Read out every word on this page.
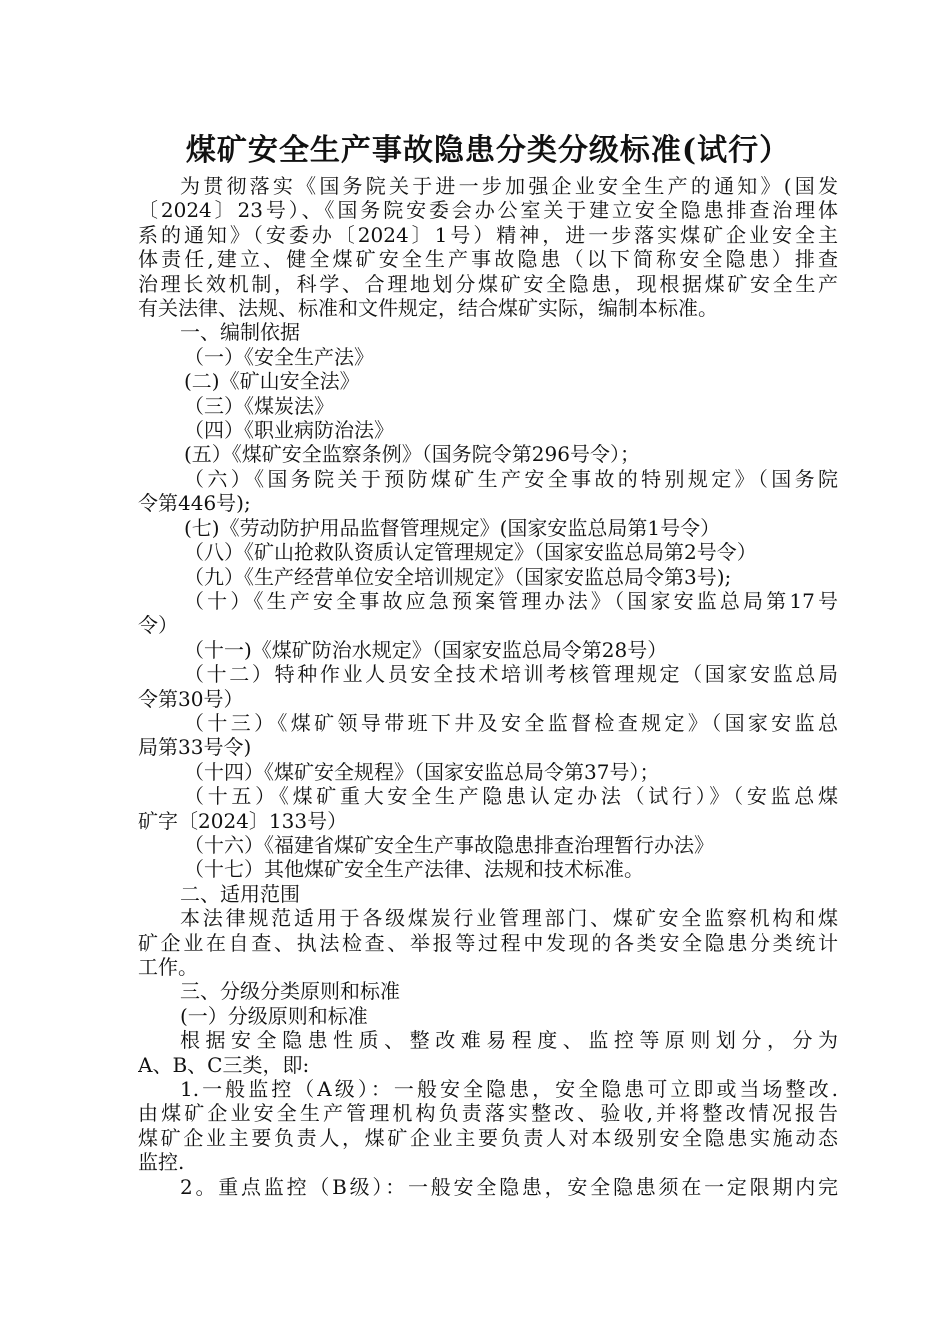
煤矿安全生产事故隐患分类分级标准(试行）
为贯彻落实《国务院关于进一步加强企业安全生产的通知》(国发
〔2024〕23号）、《国务院安委会办公室关于建立安全隐患排查治理体
系的通知》（安委办〔2024〕1号）精神，进一步落实煤矿企业安全主
体责任,建立、健全煤矿安全生产事故隐患（以下简称安全隐患）排查
治理长效机制，科学、合理地划分煤矿安全隐患，现根据煤矿安全生产
有关法律、法规、标准和文件规定，结合煤矿实际，编制本标准。
一、编制依据
（一）《安全生产法》
(二)《矿山安全法》
（三）《煤炭法》
（四）《职业病防治法》
(五）《煤矿安全监察条例》（国务院令第296号令）；
（六）《国务院关于预防煤矿生产安全事故的特别规定》（国务院
令第446号);
(七)《劳动防护用品监督管理规定》(国家安监总局第1号令）
（八）《矿山抢救队资质认定管理规定》（国家安监总局第2号令）
（九）《生产经营单位安全培训规定》（国家安监总局令第3号);
（十）《生产安全事故应急预案管理办法》（国家安监总局第17号
令）
（十一)《煤矿防治水规定》（国家安监总局令第28号）
（十二）特种作业人员安全技术培训考核管理规定（国家安监总局
令第30号）
（十三）《煤矿领导带班下井及安全监督检查规定》（国家安监总
局第33号令)
（十四）《煤矿安全规程》（国家安监总局令第37号）；
（十五）《煤矿重大安全生产隐患认定办法（试行）》（安监总煤
矿字〔2024〕133号）
（十六）《福建省煤矿安全生产事故隐患排查治理暂行办法》
（十七）其他煤矿安全生产法律、法规和技术标准。
二、适用范围
本法律规范适用于各级煤炭行业管理部门、煤矿安全监察机构和煤
矿企业在自查、执法检查、举报等过程中发现的各类安全隐患分类统计
工作。
三、分级分类原则和标准
(一）分级原则和标准
根据安全隐患性质、整改难易程度、监控等原则划分，分为
A、B、C三类，即:
1.一般监控（A级）：一般安全隐患，安全隐患可立即或当场整改.
由煤矿企业安全生产管理机构负责落实整改、验收,并将整改情况报告
煤矿企业主要负责人，煤矿企业主要负责人对本级别安全隐患实施动态
监控.
2。重点监控（B级）：一般安全隐患，安全隐患须在一定限期内完
